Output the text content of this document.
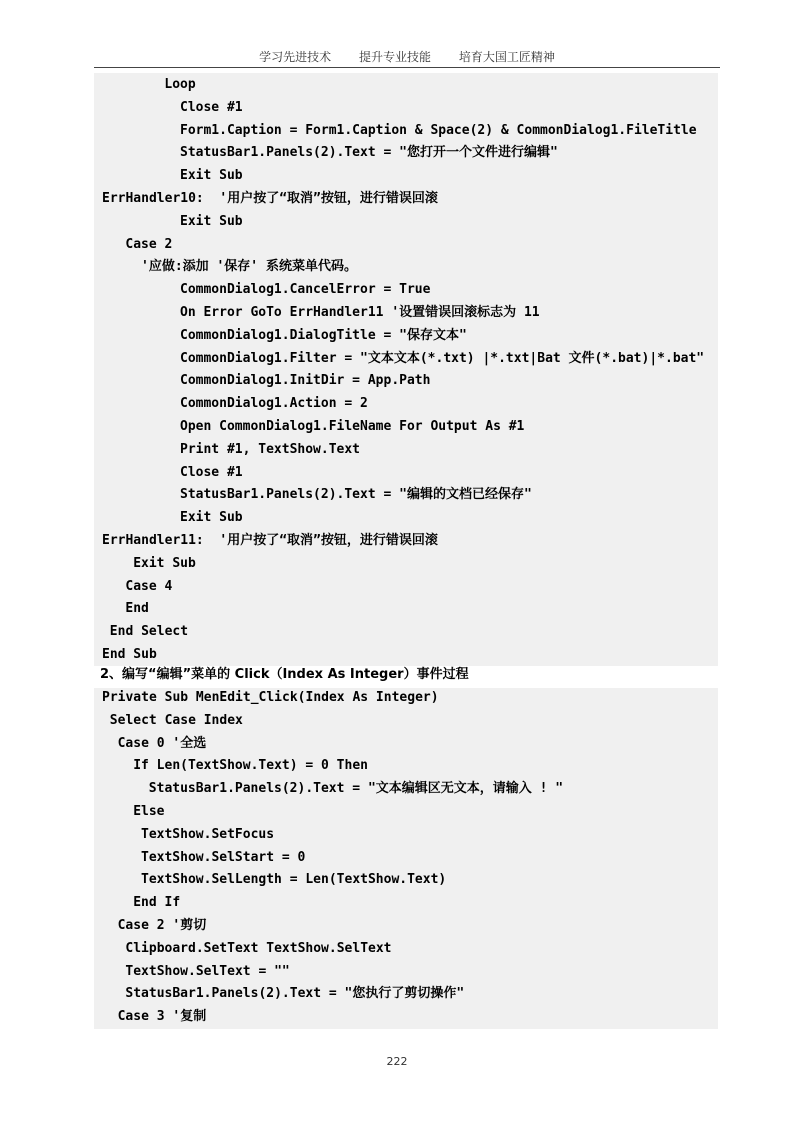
学习先进技术 提升专业技能 培育大国工匠精神
Loop
Close #1
Form1.Caption = Form1.Caption & Space(2) & CommonDialog1.FileTitle
StatusBar1.Panels(2).Text = "您打开一个文件进行编辑"
Exit Sub
ErrHandler10:  '用户按了“取消”按钮，进行错误回滚
Exit Sub
Case 2
'应做:添加 '保存' 系统菜单代码。
CommonDialog1.CancelError = True
On Error GoTo ErrHandler11 '设置错误回滚标志为 11
CommonDialog1.DialogTitle = "保存文本"
CommonDialog1.Filter = "文本文本(*.txt) |*.txt|Bat 文件(*.bat)|*.bat"
CommonDialog1.InitDir = App.Path
CommonDialog1.Action = 2
Open CommonDialog1.FileName For Output As #1
Print #1, TextShow.Text
Close #1
StatusBar1.Panels(2).Text = "编辑的文档已经保存"
Exit Sub
ErrHandler11:  '用户按了“取消”按钮，进行错误回滚
Exit Sub
Case 4
End
End Select
End Sub
2、编写“编辑”菜单的 Click（Index As Integer）事件过程
Private Sub MenEdit_Click(Index As Integer)
Select Case Index
Case 0 '全选
If Len(TextShow.Text) = 0 Then
StatusBar1.Panels(2).Text = "文本编辑区无文本，请输入 ! "
Else
TextShow.SetFocus
TextShow.SelStart = 0
TextShow.SelLength = Len(TextShow.Text)
End If
Case 2 '剪切
Clipboard.SetText TextShow.SelText
TextShow.SelText = ""
StatusBar1.Panels(2).Text = "您执行了剪切操作"
Case 3 '复制
222
